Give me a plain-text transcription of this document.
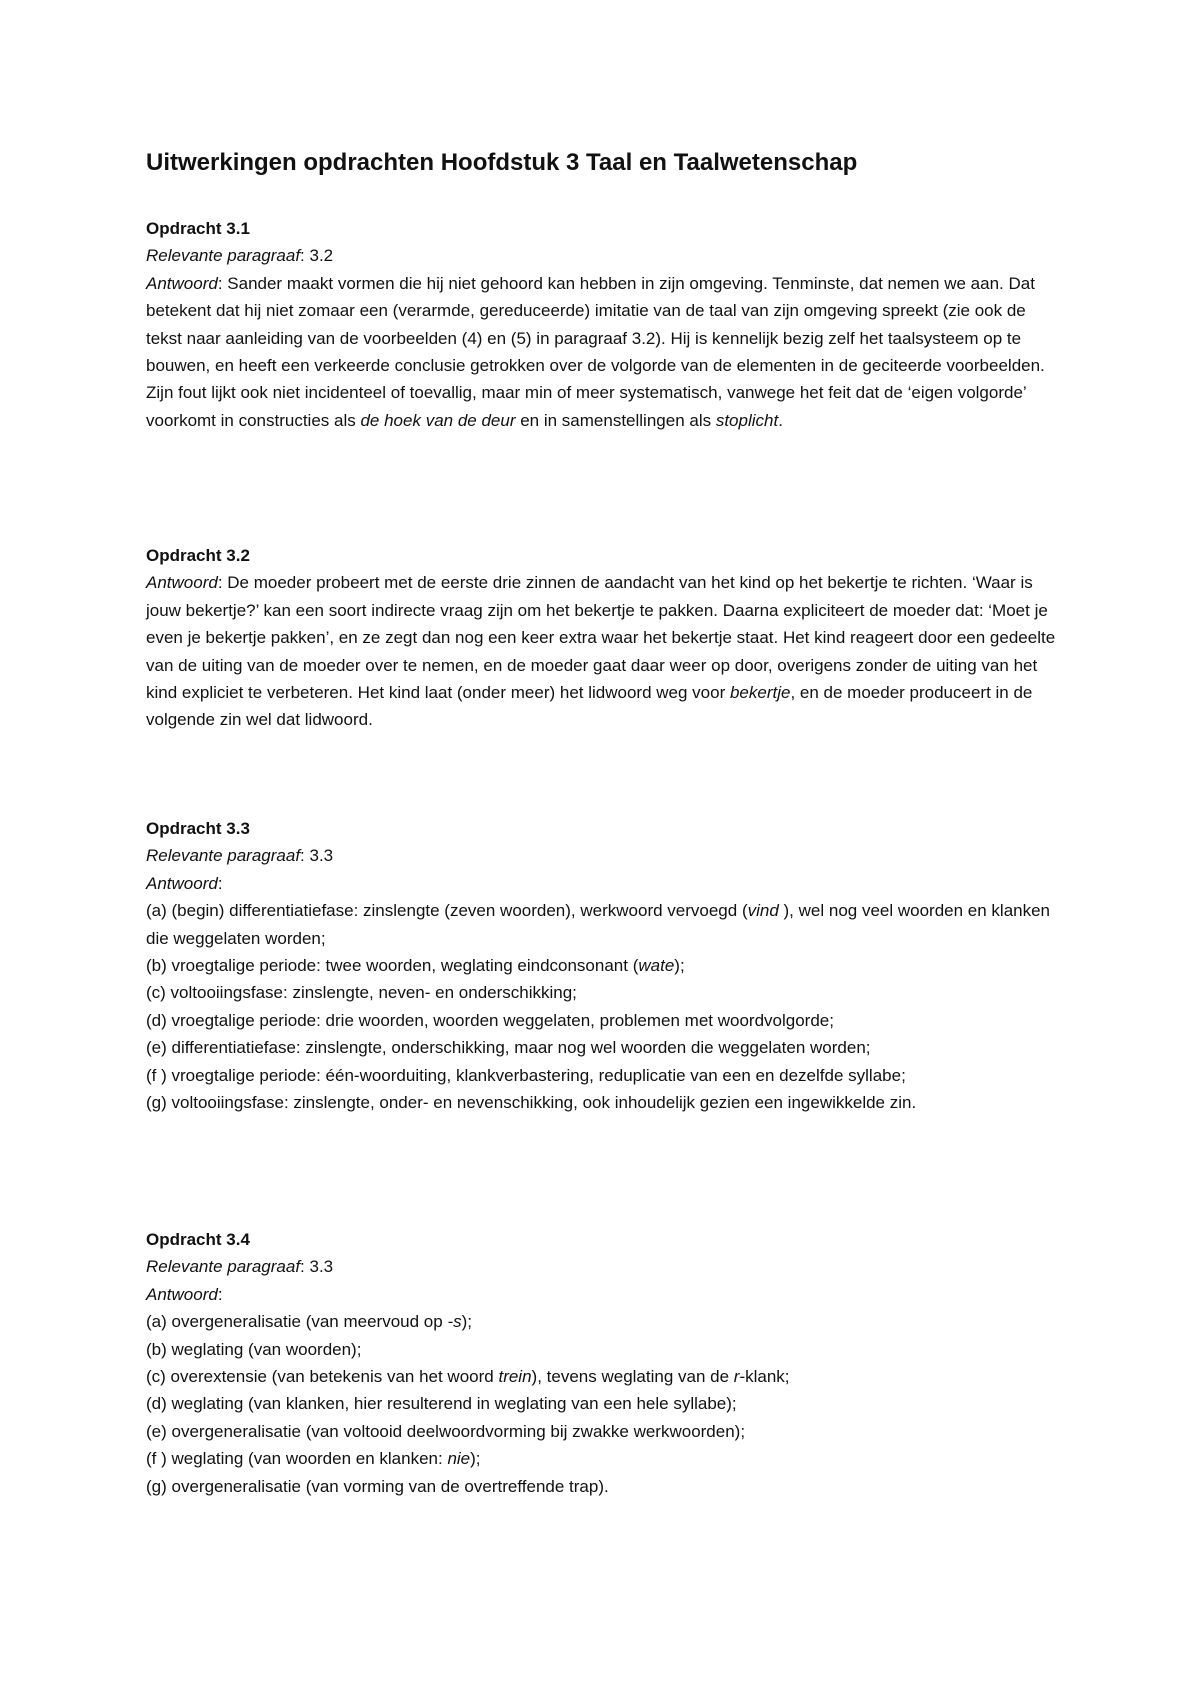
Uitwerkingen opdrachten Hoofdstuk 3 Taal en Taalwetenschap

Opdracht 3.1

Relevante paragraaf: 3.2

Antwoord: Sander maakt vormen die hij niet gehoord kan hebben in zijn omgeving. Tenminste, dat nemen we aan. Dat betekent dat hij niet zomaar een (verarmde, gereduceerde) imitatie van de taal van zijn omgeving spreekt (zie ook de tekst naar aanleiding van de voorbeelden (4) en (5) in paragraaf 3.2). Hij is kennelijk bezig zelf het taalsysteem op te bouwen, en heeft een verkeerde conclusie getrokken over de volgorde van de elementen in de geciteerde voorbeelden. Zijn fout lijkt ook niet incidenteel of toevallig, maar min of meer systematisch, vanwege het feit dat de ‘eigen volgorde’ voorkomt in constructies als de hoek van de deur en in samenstellingen als stoplicht.

Opdracht 3.2

Antwoord: De moeder probeert met de eerste drie zinnen de aandacht van het kind op het bekertje te richten. ‘Waar is jouw bekertje?’ kan een soort indirecte vraag zijn om het bekertje te pakken. Daarna expliciteert de moeder dat: ‘Moet je even je bekertje pakken’, en ze zegt dan nog een keer extra waar het bekertje staat. Het kind reageert door een gedeelte van de uiting van de moeder over te nemen, en de moeder gaat daar weer op door, overigens zonder de uiting van het kind expliciet te verbeteren. Het kind laat (onder meer) het lidwoord weg voor bekertje, en de moeder produceert in de volgende zin wel dat lidwoord.

Opdracht 3.3

Relevante paragraaf: 3.3

Antwoord:

(a) (begin) differentiatiefase: zinslengte (zeven woorden), werkwoord vervoegd (vind ), wel nog veel woorden en klanken die weggelaten worden;

(b) vroegtalige periode: twee woorden, weglating eindconsonant (wate);

(c) voltooiingsfase: zinslengte, neven- en onderschikking;

(d) vroegtalige periode: drie woorden, woorden weggelaten, problemen met woordvolgorde;

(e) differentiatiefase: zinslengte, onderschikking, maar nog wel woorden die weggelaten worden;

(f ) vroegtalige periode: één-woorduiting, klankverbastering, reduplicatie van een en dezelfde syllabe;

(g) voltooiingsfase: zinslengte, onder- en nevenschikking, ook inhoudelijk gezien een ingewikkelde zin.

Opdracht 3.4

Relevante paragraaf: 3.3

Antwoord:

(a) overgeneralisatie (van meervoud op -s);

(b) weglating (van woorden);

(c) overextensie (van betekenis van het woord trein), tevens weglating van de r-klank;

(d) weglating (van klanken, hier resulterend in weglating van een hele syllabe);

(e) overgeneralisatie (van voltooid deelwoordvorming bij zwakke werkwoorden);

(f ) weglating (van woorden en klanken: nie);

(g) overgeneralisatie (van vorming van de overtreffende trap).
